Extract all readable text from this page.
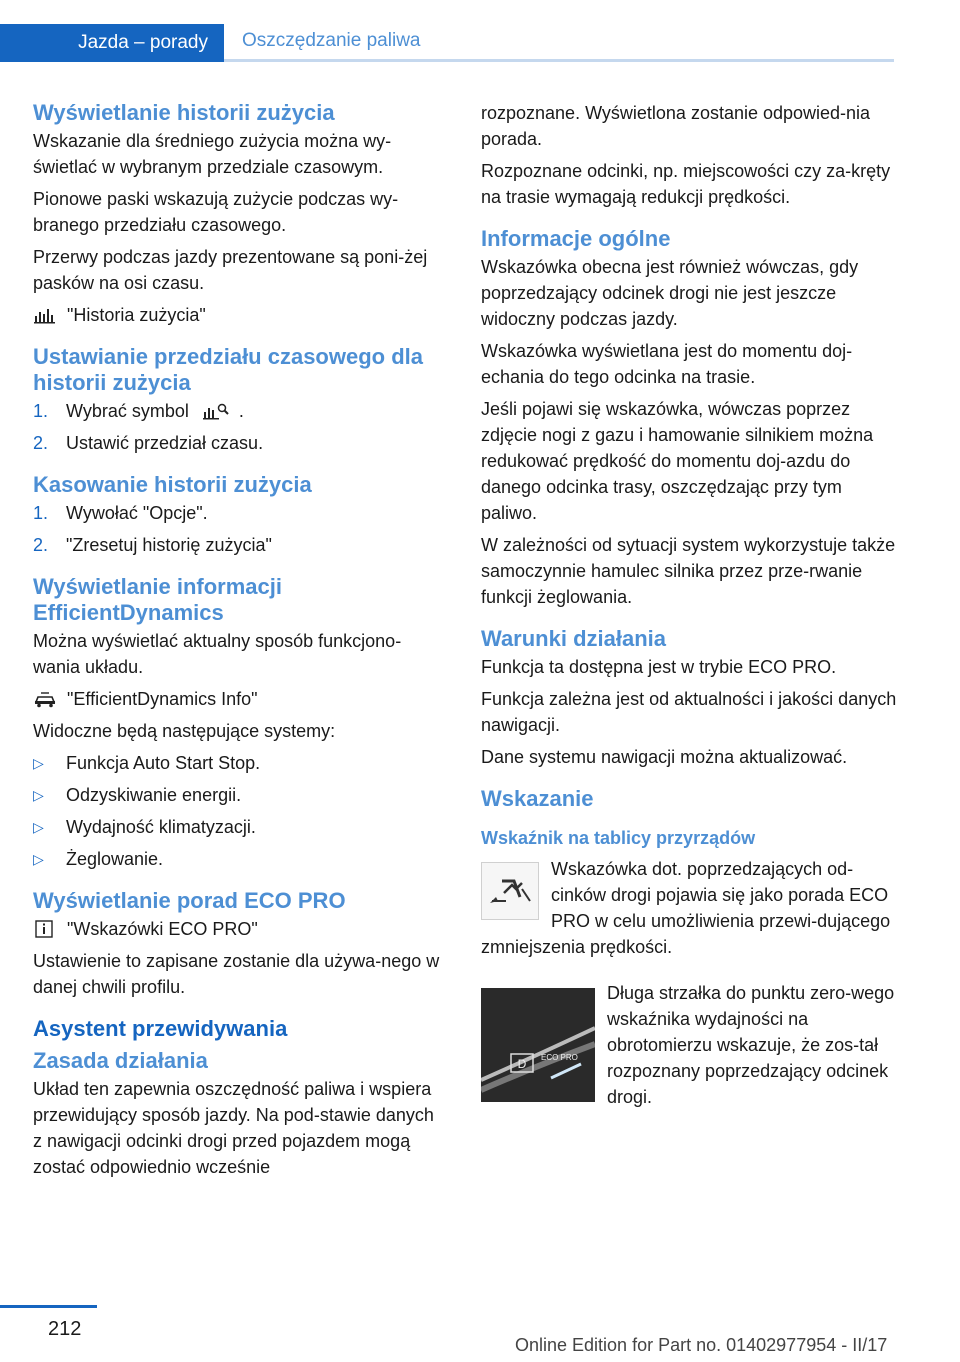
Jazda – porady	Oszczędzanie paliwa
Wyświetlanie historii zużycia

Wskazanie dla średniego zużycia można wy-świetlać w wybranym przedziale czasowym.

Pionowe paski wskazują zużycie podczas wy-branego przedziału czasowego.

Przerwy podczas jazdy prezentowane są poni-żej pasków na osi czasu.

"Historia zużycia"
Ustawianie przedziału czasowego dla historii zużycia
1. Wybrać symbol	.
2. Ustawić przedział czasu.
Kasowanie historii zużycia
1. Wywołać "Opcje".
2. "Zresetuj historię zużycia"
Wyświetlanie informacji EfficientDynamics

Można wyświetlać aktualny sposób funkcjono-wania układu.

"EfficientDynamics Info"

Widoczne będą następujące systemy:

▷	Funkcja Auto Start Stop.
▷	Odzyskiwanie energii.
▷	Wydajność klimatyzacji.
▷	Żeglowanie.
Wyświetlanie porad ECO PRO
"Wskazówki ECO PRO"

Ustawienie to zapisane zostanie dla używa-nego w danej chwili profilu.

Asystent przewidywania
Zasada działania

Układ ten zapewnia oszczędność paliwa i wspiera przewidujący sposób jazdy. Na pod-stawie danych z nawigacji odcinki drogi przed pojazdem mogą zostać odpowiednio wcześnie

rozpoznane. Wyświetlona zostanie odpowied-nia porada.

Rozpoznane odcinki, np. miejscowości czy za-kręty na trasie wymagają redukcji prędkości.

Informacje ogólne

Wskazówka obecna jest również wówczas, gdy poprzedzający odcinek drogi nie jest jeszcze widoczny podczas jazdy.

Wskazówka wyświetlana jest do momentu doj-echania do tego odcinka na trasie.

Jeśli pojawi się wskazówka, wówczas poprzez zdjęcie nogi z gazu i hamowanie silnikiem można redukować prędkość do momentu doj-azdu do danego odcinka trasy, oszczędzając przy tym paliwo.

W zależności od sytuacji system wykorzystuje także samoczynnie hamulec silnika przez prze-rwanie funkcji żeglowania.

Warunki działania

Funkcja ta dostępna jest w trybie ECO PRO.

Funkcja zależna jest od aktualności i jakości danych nawigacji.

Dane systemu nawigacji można aktualizować.

Wskazanie
Wskaźnik na tablicy przyrządów

Wskazówka dot. poprzedzających od-cinków drogi pojawia się jako porada ECO PRO w celu umożliwienia przewi-dującego zmniejszenia prędkości.

D ECO PRO

Długa strzałka do punktu zero-wego wskaźnika wydajności na obrotomierzu wskazuje, że zos-tał rozpoznany poprzedzający odcinek drogi.

212
Online Edition for Part no. 01402977954 - II/17
